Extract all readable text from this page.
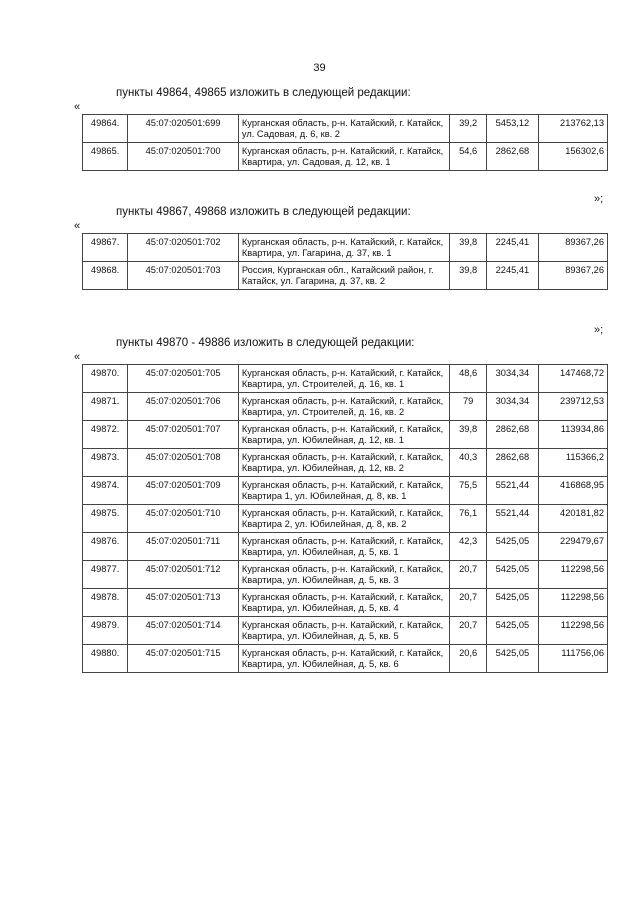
39
пункты 49864, 49865 изложить в следующей редакции:
«
49864.	45:07:020501:699	Курганская область, р-н. Катайский, г. Катайск, ул. Садовая, д. 6, кв. 2	39,2	5453,12	213762,13
49865.	45:07:020501:700	Курганская область, р-н. Катайский, г. Катайск, Квартира, ул. Садовая, д. 12, кв. 1	54,6	2862,68	156302,6
»;
пункты 49867, 49868 изложить в следующей редакции:
«
49867.	45:07:020501:702	Курганская область, р-н. Катайский, г. Катайск, Квартира, ул. Гагарина, д. 37, кв. 1	39,8	2245,41	89367,26
49868.	45:07:020501:703	Россия, Курганская обл., Катайский район, г. Катайск, ул. Гагарина, д. 37, кв. 2	39,8	2245,41	89367,26
»;
пункты 49870 - 49886 изложить в следующей редакции:
«
49870.	45:07:020501:705	Курганская область, р-н. Катайский, г. Катайск, Квартира, ул. Строителей, д. 16, кв. 1	48,6	3034,34	147468,72
49871.	45:07:020501:706	Курганская область, р-н. Катайский, г. Катайск, Квартира, ул. Строителей, д. 16, кв. 2	79	3034,34	239712,53
49872.	45:07:020501:707	Курганская область, р-н. Катайский, г. Катайск, Квартира, ул. Юбилейная, д. 12, кв. 1	39,8	2862,68	113934,86
49873.	45:07:020501:708	Курганская область, р-н. Катайский, г. Катайск, Квартира, ул. Юбилейная, д. 12, кв. 2	40,3	2862,68	115366,2
49874.	45:07:020501:709	Курганская область, р-н. Катайский, г. Катайск, Квартира 1, ул. Юбилейная, д. 8, кв. 1	75,5	5521,44	416868,95
49875.	45:07:020501:710	Курганская область, р-н. Катайский, г. Катайск, Квартира 2, ул. Юбилейная, д. 8, кв. 2	76,1	5521,44	420181,82
49876.	45:07:020501:711	Курганская область, р-н. Катайский, г. Катайск, Квартира, ул. Юбилейная, д. 5, кв. 1	42,3	5425,05	229479,67
49877.	45:07:020501:712	Курганская область, р-н. Катайский, г. Катайск, Квартира, ул. Юбилейная, д. 5, кв. 3	20,7	5425,05	112298,56
49878.	45:07:020501:713	Курганская область, р-н. Катайский, г. Катайск, Квартира, ул. Юбилейная, д. 5, кв. 4	20,7	5425,05	112298,56
49879.	45:07:020501:714	Курганская область, р-н. Катайский, г. Катайск, Квартира, ул. Юбилейная, д. 5, кв. 5	20,7	5425,05	112298,56
49880.	45:07:020501:715	Курганская область, р-н. Катайский, г. Катайск, Квартира, ул. Юбилейная, д. 5, кв. 6	20,6	5425,05	111756,06
